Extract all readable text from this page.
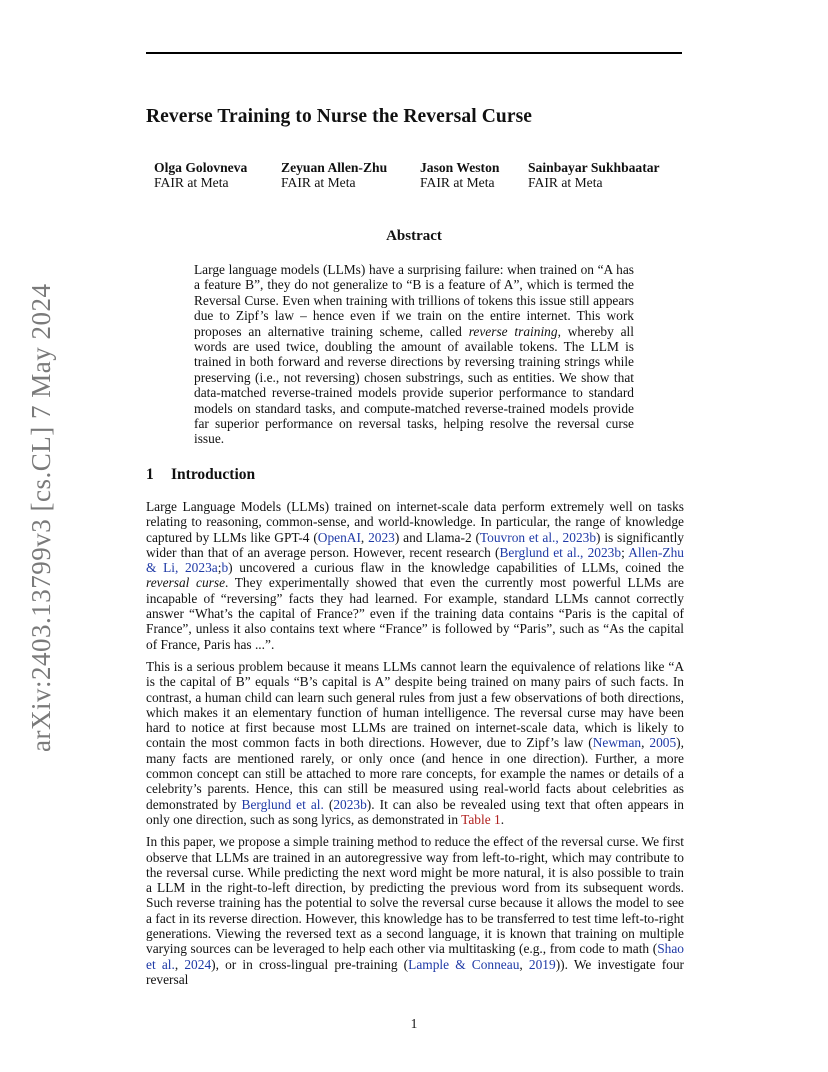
arXiv:2403.13799v3 [cs.CL] 7 May 2024
Reverse Training to Nurse the Reversal Curse
Olga Golovneva
FAIR at Meta
Zeyuan Allen-Zhu
FAIR at Meta
Jason Weston
FAIR at Meta
Sainbayar Sukhbaatar
FAIR at Meta
Abstract
Large language models (LLMs) have a surprising failure: when trained on “A has a feature B”, they do not generalize to “B is a feature of A”, which is termed the Reversal Curse. Even when training with trillions of tokens this issue still appears due to Zipf’s law – hence even if we train on the entire internet. This work proposes an alternative training scheme, called reverse training, whereby all words are used twice, doubling the amount of available tokens. The LLM is trained in both forward and reverse directions by reversing training strings while preserving (i.e., not reversing) chosen substrings, such as entities. We show that data-matched reverse-trained models provide superior performance to standard models on standard tasks, and compute-matched reverse-trained models provide far superior performance on reversal tasks, helping resolve the reversal curse issue.
1 Introduction

Large Language Models (LLMs) trained on internet-scale data perform extremely well on tasks relating to reasoning, common-sense, and world-knowledge. In particular, the range of knowledge captured by LLMs like GPT-4 (OpenAI, 2023) and Llama-2 (Touvron et al., 2023b) is significantly wider than that of an average person. However, recent research (Berglund et al., 2023b; Allen-Zhu & Li, 2023a;b) uncovered a curious flaw in the knowledge capabilities of LLMs, coined the reversal curse. They experimentally showed that even the currently most powerful LLMs are incapable of “reversing” facts they had learned. For example, standard LLMs cannot correctly answer “What’s the capital of France?” even if the training data contains “Paris is the capital of France”, unless it also contains text where “France” is followed by “Paris”, such as “As the capital of France, Paris has ...”.

This is a serious problem because it means LLMs cannot learn the equivalence of relations like “A is the capital of B” equals “B’s capital is A” despite being trained on many pairs of such facts. In contrast, a human child can learn such general rules from just a few observations of both directions, which makes it an elementary function of human intelligence. The reversal curse may have been hard to notice at first because most LLMs are trained on internet-scale data, which is likely to contain the most common facts in both directions. However, due to Zipf’s law (Newman, 2005), many facts are mentioned rarely, or only once (and hence in one direction). Further, a more common concept can still be attached to more rare concepts, for example the names or details of a celebrity’s parents. Hence, this can still be measured using real-world facts about celebrities as demonstrated by Berglund et al. (2023b). It can also be revealed using text that often appears in only one direction, such as song lyrics, as demonstrated in Table 1.

In this paper, we propose a simple training method to reduce the effect of the reversal curse. We first observe that LLMs are trained in an autoregressive way from left-to-right, which may contribute to the reversal curse. While predicting the next word might be more natural, it is also possible to train a LLM in the right-to-left direction, by predicting the previous word from its subsequent words. Such reverse training has the potential to solve the reversal curse because it allows the model to see a fact in its reverse direction. However, this knowledge has to be transferred to test time left-to-right generations. Viewing the reversed text as a second language, it is known that training on multiple varying sources can be leveraged to help each other via multitasking (e.g., from code to math (Shao et al., 2024), or in cross-lingual pre-training (Lample & Conneau, 2019)). We investigate four reversal

1
